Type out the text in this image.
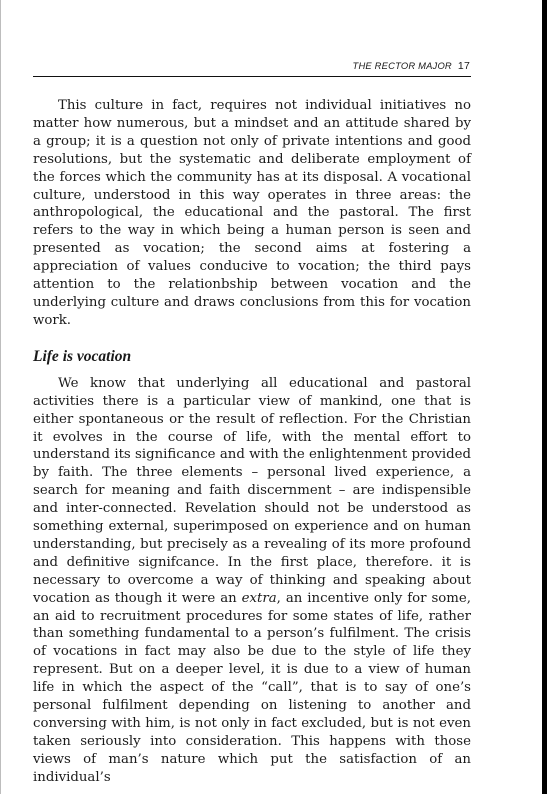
THE RECTOR MAJOR 17

This culture in fact, requires not individual initiatives no matter how numerous, but a mindset and an attitude shared by a group; it is a question not only of private intentions and good resolutions, but the systematic and deliberate employment of the forces which the community has at its disposal. A vocational culture, understood in this way operates in three areas: the anthropological, the educational and the pastoral. The first refers to the way in which being a human person is seen and presented as vocation; the second aims at fostering a appreciation of values conducive to vocation; the third pays attention to the relationbship between vocation and the underlying culture and draws conclusions from this for vocation work.

Life is vocation

We know that underlying all educational and pastoral activities there is a particular view of mankind, one that is either spontaneous or the result of reflection. For the Christian it evolves in the course of life, with the mental effort to understand its significance and with the enlightenment provided by faith. The three elements – personal lived experience, a search for meaning and faith discernment – are indispensible and inter-connected. Revelation should not be understood as something external, superimposed on experience and on human understanding, but precisely as a revealing of its more profound and definitive signifcance. In the first place, therefore. it is necessary to overcome a way of thinking and speaking about vocation as though it were an extra, an incentive only for some, an aid to recruitment procedures for some states of life, rather than something fundamental to a person’s fulfilment. The crisis of vocations in fact may also be due to the style of life they represent. But on a deeper level, it is due to a view of human life in which the aspect of the “call”, that is to say of one’s personal fulfilment depending on listening to another and conversing with him, is not only in fact excluded, but is not even taken seriously into consideration. This happens with those views of man’s nature which put the satisfaction of an individual’s
